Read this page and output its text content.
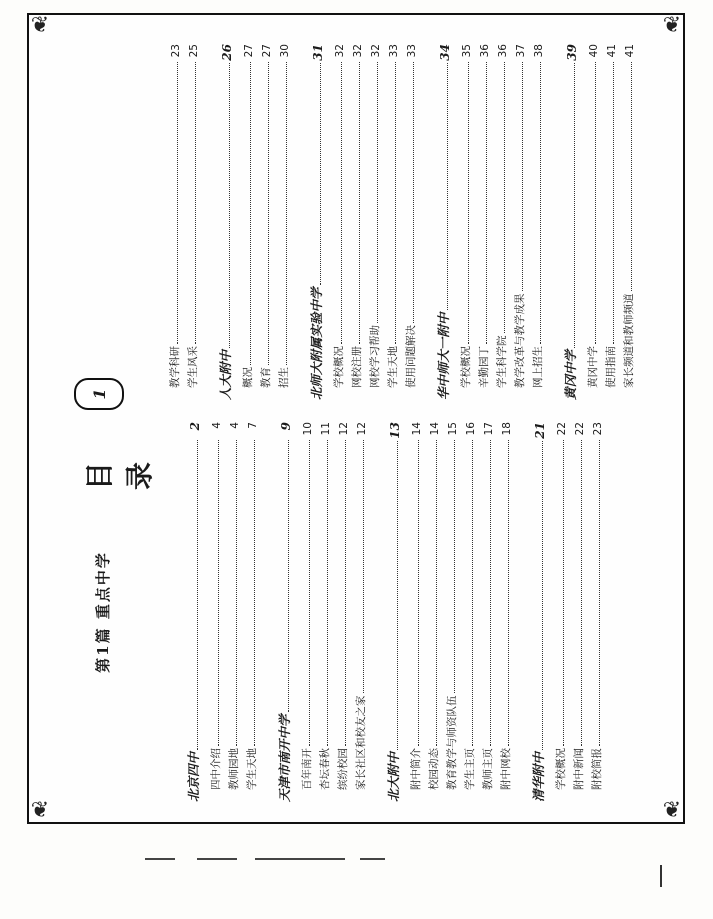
❦	❦
❦	❦
第1篇 重点中学
目 录
1
北京四中
2
四中介绍
4
教师园地
4
学生天地
7
天津市南开中学
9
百年南开
10
杏坛春秋
11
缤纷校园
12
家长社区和校友之家
12
北大附中
13
附中简介
14
校园动态
14
教育教学与师资队伍
15
学生主页
16
教师主页
17
附中网校
18
清华附中
21
学校概况
22
附中新闻
22
附校简报
23
教学科研
23
学生风采
25
人大附中
26
概况
27
教育
27
招生
30
北师大附属实验中学
31
学校概况
32
网校注册
32
网校学习帮助
32
学生天地
33
使用问题解决
33
华中师大一附中
34
学校概况
35
辛勤园丁
36
学生科学院
36
教学改革与教学成果
37
网上招生
38
黄冈中学
39
黄冈中学
40
使用指南
41
家长频道和教师频道
41
